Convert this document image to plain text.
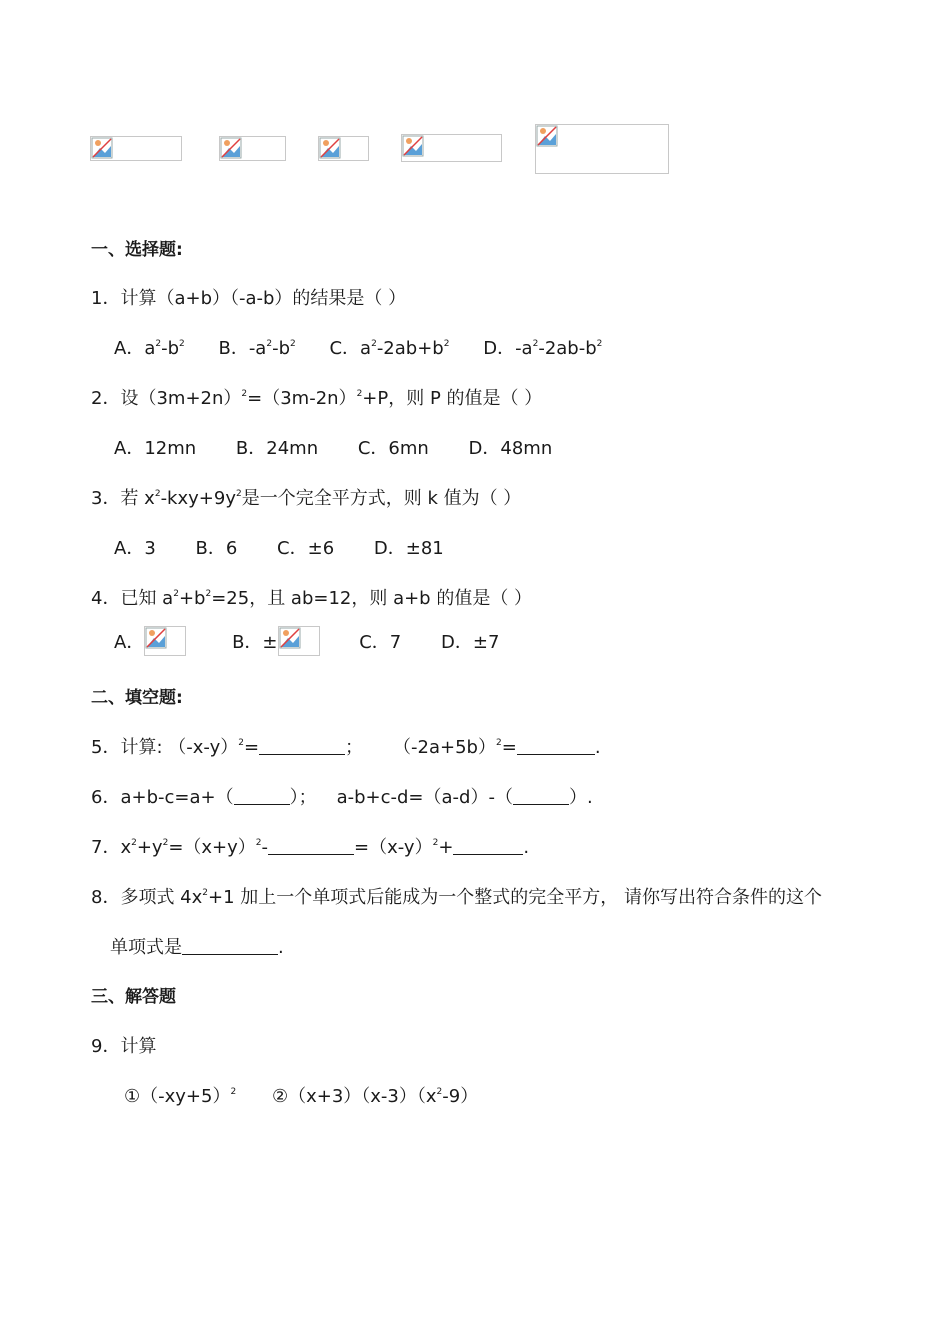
一、选择题:
1．计算（a+b）（-a-b）的结果是（ ）
A．$a^2-b^2$ B．$-a^2-b^2$ C．$a^2-2ab+b^2$ D．$-a^2-2ab-b^2$
2．设$(3m+2n)^2=(3m-2n)^2+P$，则 P 的值是（ ）
A．12mn B．24mn C．6mn D．48mn
3．若 $x^2-kxy+9y^2$是一个完全平方式，则 k 值为（ ）
A．3 B．6 C．±6 D．±81
4．已知 $a^2+b^2=25$，且 ab=12，则 a+b 的值是（ ）
A．	B．±	C．7 D．±7
二、填空题:
5．计算: $(-x-y)^2=$	； $(-2a+5b)^2=$	.
6．a+b-c=a+（	）； a-b+c-d=（a-d）-（	）.
7．$x^2+y^2=(x+y)^2-$	$=(x-y)^2+$	.
8．多项式 $4x^2+1$ 加上一个单项式后能成为一个整式的完全平方， 请你写出符合条件的这个
单项式是	.
三、解答题
9．计算
$①(-xy+5)^2$ $②(x+3)(x-3)(x^2-9)$
